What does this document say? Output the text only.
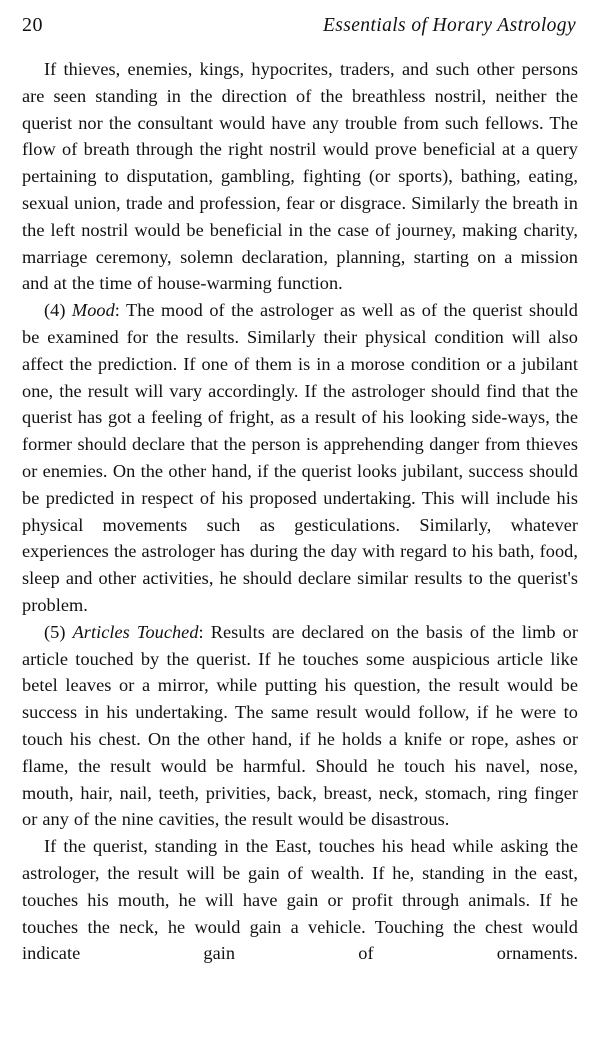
20	Essentials of Horary Astrology

If thieves, enemies, kings, hypocrites, traders, and such other persons are seen standing in the direction of the breathless nostril, neither the querist nor the consultant would have any trouble from such fellows. The flow of breath through the right nostril would prove beneficial at a query pertaining to disputation, gambling, fighting (or sports), bathing, eating, sexual union, trade and profession, fear or disgrace. Similarly the breath in the left nostril would be beneficial in the case of journey, making charity, marriage ceremony, solemn declaration, planning, starting on a mission and at the time of house-warming function.

(4) Mood: The mood of the astrologer as well as of the querist should be examined for the results. Similarly their physical condition will also affect the prediction. If one of them is in a morose condition or a jubilant one, the result will vary accordingly. If the astrologer should find that the querist has got a feeling of fright, as a result of his looking side-ways, the former should declare that the person is apprehending danger from thieves or enemies. On the other hand, if the querist looks jubilant, success should be predicted in respect of his proposed undertaking. This will include his physical movements such as gesticulations. Similarly, whatever experiences the astrologer has during the day with regard to his bath, food, sleep and other activities, he should declare similar results to the querist's problem.

(5) Articles Touched: Results are declared on the basis of the limb or article touched by the querist. If he touches some auspicious article like betel leaves or a mirror, while putting his question, the result would be success in his undertaking. The same result would follow, if he were to touch his chest. On the other hand, if he holds a knife or rope, ashes or flame, the result would be harmful. Should he touch his navel, nose, mouth, hair, nail, teeth, privities, back, breast, neck, stomach, ring finger or any of the nine cavities, the result would be disastrous.

If the querist, standing in the East, touches his head while asking the astrologer, the result will be gain of wealth. If he, standing in the east, touches his mouth, he will have gain or profit through animals. If he touches the neck, he would gain a vehicle. Touching the chest would indicate gain of ornaments.
